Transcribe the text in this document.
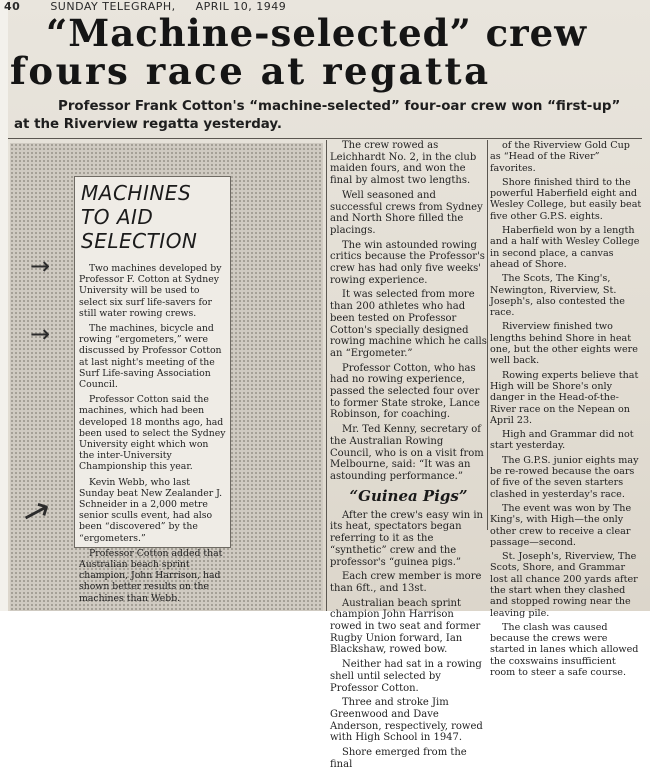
40	SUNDAY TELEGRAPH, APRIL 10, 1949
“Machine-selected” crew
fours race at regatta
Professor Frank Cotton's “machine-selected” four-oar crew won “first-up”
at the Riverview regatta yesterday.
→
→
→
MACHINES
TO AID
SELECTION

Two machines developed by Professor F. Cotton at Sydney University will be used to select six surf life-savers for still water rowing crews.

The machines, bicycle and rowing “ergometers,” were discussed by Professor Cotton at last night's meeting of the Surf Life-saving Association Council.

Professor Cotton said the machines, which had been developed 18 months ago, had been used to select the Sydney University eight which won the inter-University Championship this year.

Kevin Webb, who last Sunday beat New Zealander J. Schneider in a 2,000 metre senior sculls event, had also been “discovered” by the “ergometers.”

Professor Cotton added that Australian beach sprint champion, John Harrison, had shown better results on the machines than Webb.

The crew rowed as Leichhardt No. 2, in the club maiden fours, and won the final by almost two lengths.

Well seasoned and successful crews from Sydney and North Shore filled the placings.

The win astounded rowing critics because the Professor's crew has had only five weeks' rowing experience.

It was selected from more than 200 athletes who had been tested on Professor Cotton's specially designed rowing machine which he calls an “Ergometer.”

Professor Cotton, who has had no rowing experience, passed the selected four over to former State stroke, Lance Robinson, for coaching.

Mr. Ted Kenny, secretary of the Australian Rowing Council, who is on a visit from Melbourne, said: “It was an astounding performance.”

“Guinea Pigs”

After the crew's easy win in its heat, spectators began referring to it as the “synthetic” crew and the professor's “guinea pigs.”

Each crew member is more than 6ft., and 13st.

Australian beach sprint champion John Harrison rowed in two seat and former Rugby Union forward, Ian Blackshaw, rowed bow.

Neither had sat in a rowing shell until selected by Professor Cotton.

Three and stroke Jim Greenwood and Dave Anderson, respectively, rowed with High School in 1947.

Shore emerged from the final

of the Riverview Gold Cup as “Head of the River” favorites.

Shore finished third to the powerful Haberfield eight and Wesley College, but easily beat five other G.P.S. eights.

Haberfield won by a length and a half with Wesley College in second place, a canvas ahead of Shore.

The Scots, The King's, Newington, Riverview, St. Joseph's, also contested the race.

Riverview finished two lengths behind Shore in heat one, but the other eights were well back.

Rowing experts believe that High will be Shore's only danger in the Head-of-the-River race on the Nepean on April 23.

High and Grammar did not start yesterday.

The G.P.S. junior eights may be re-rowed because the oars of five of the seven starters clashed in yesterday's race.

The event was won by The King's, with High—the only other crew to receive a clear passage—second.

St. Joseph's, Riverview, The Scots, Shore, and Grammar lost all chance 200 yards after the start when they clashed and stopped rowing near the leaving pile.

The clash was caused because the crews were started in lanes which allowed the coxswains insufficient room to steer a safe course.
